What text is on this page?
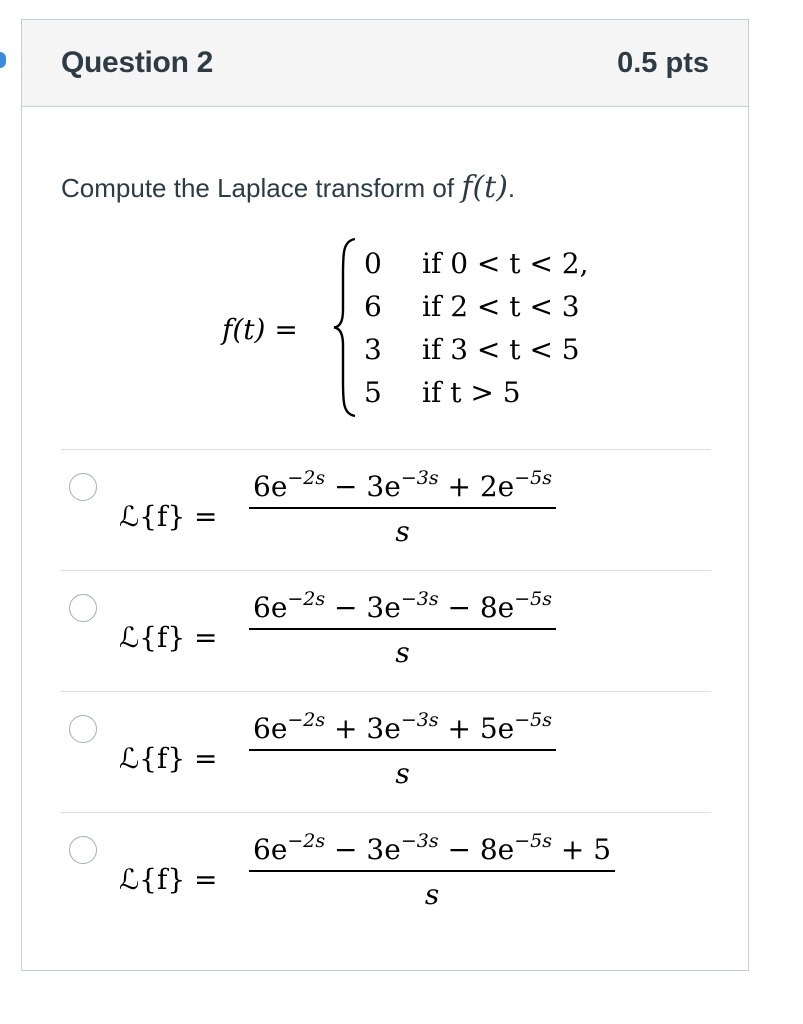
Question 2	0.5 pts
Compute the Laplace transform of f(t).
f(t) =
0 if 0 < t < 2,
6 if 2 < t < 3
3 if 3 < t < 5
5 if t > 5
ℒ{f} =
$6e^{-2s} - 3e^{-3s} + 2e^{-5s}$
s
ℒ{f} =
$6e^{-2s} - 3e^{-3s} - 8e^{-5s}$
s
ℒ{f} =
$6e^{-2s} + 3e^{-3s} + 5e^{-5s}$
s
ℒ{f} =
$6e^{-2s} - 3e^{-3s} - 8e^{-5s} + 5$
s
